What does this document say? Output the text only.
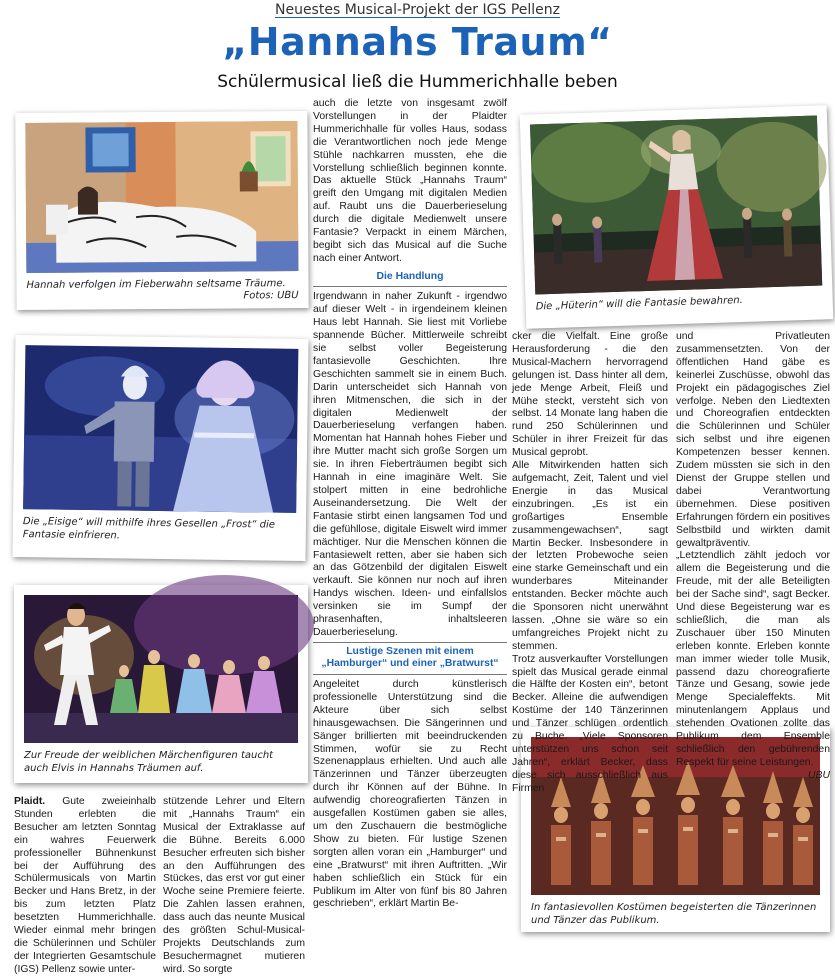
Neuestes Musical-Projekt der IGS Pellenz
„Hannahs Traum“
Schülermusical ließ die Hummerichhalle beben
Hannah verfolgen im Fieberwahn seltsame Träume.
Fotos: UBU
Die „Eisige“ will mithilfe ihres Gesellen „Frost“ die Fantasie einfrieren.
Zur Freude der weiblichen Märchenfiguren taucht auch Elvis in Hannahs Träumen auf.
Die „Hüterin“ will die Fantasie bewahren.
In fantasievollen Kostümen begeisterten die Tänzerinnen und Tänzer das Publikum.

Plaidt. Gute zweieinhalb Stunden erlebten die Besucher am letzten Sonntag ein wahres Feuerwerk professioneller Bühnenkunst bei der Aufführung des Schülermusicals von Martin Becker und Hans Bretz, in der bis zum letzten Platz besetzten Hummerichhalle. Wieder einmal mehr bringen die Schülerinnen und Schüler der Integrierten Gesamtschule (IGS) Pellenz sowie unter-

stützende Lehrer und Eltern mit „Hannahs Traum“ ein Musical der Extraklasse auf die Bühne. Bereits 6.000 Besucher erfreuten sich bisher an den Aufführungen des Stückes, das erst vor gut einer Woche seine Premiere feierte. Die Zahlen lassen erahnen, dass auch das neunte Musical des größten Schul-Musical-Projekts Deutschlands zum Besuchermagnet mutieren wird. So sorgte

auch die letzte von insgesamt zwölf Vorstellungen in der Plaidter Hummerichhalle für volles Haus, sodass die Verantwortlichen noch jede Menge Stühle nachkarren mussten, ehe die Vorstellung schließlich beginnen konnte. Das aktuelle Stück „Hannahs Traum“ greift den Umgang mit digitalen Medien auf. Raubt uns die Dauerberieselung durch die digitale Medienwelt unsere Fantasie? Verpackt in einem Märchen, begibt sich das Musical auf die Suche nach einer Antwort.

Die Handlung

Irgendwann in naher Zukunft - irgendwo auf dieser Welt - in irgendeinem kleinen Haus lebt Hannah. Sie liest mit Vorliebe spannende Bücher. Mittlerweile schreibt sie selbst voller Begeisterung fantasievolle Geschichten. Ihre Geschichten sammelt sie in einem Buch. Darin unterscheidet sich Hannah von ihren Mitmenschen, die sich in der digitalen Medienwelt der Dauerberieselung verfangen haben. Momentan hat Hannah hohes Fieber und ihre Mutter macht sich große Sorgen um sie. In ihren Fieberträumen begibt sich Hannah in eine imaginäre Welt. Sie stolpert mitten in eine bedrohliche Auseinandersetzung. Die Welt der Fantasie stirbt einen langsamen Tod und die gefühllose, digitale Eiswelt wird immer mächtiger. Nur die Menschen können die Fantasiewelt retten, aber sie haben sich an das Götzenbild der digitalen Eiswelt verkauft. Sie können nur noch auf ihren Handys wischen. Ideen- und einfallslos versinken sie im Sumpf der phrasenhaften, inhaltsleeren Dauerberieselung.

Lustige Szenen mit einem „Hamburger“ und einer „Bratwurst“

Angeleitet durch künstlerisch professionelle Unterstützung sind die Akteure über sich selbst hinausgewachsen. Die Sängerinnen und Sänger brillierten mit beeindruckenden Stimmen, wofür sie zu Recht Szenenapplaus erhielten. Und auch alle Tänzerinnen und Tänzer überzeugten durch ihr Können auf der Bühne. In aufwendig choreografierten Tänzen in ausgefallen Kostümen gaben sie alles, um den Zuschauern die bestmögliche Show zu bieten. Für lustige Szenen sorgten allen voran ein „Hamburger“ und eine „Bratwurst“ mit ihren Auftritten. „Wir haben schließlich ein Stück für ein Publikum im Alter von fünf bis 80 Jahren geschrieben“, erklärt Martin Be-

cker die Vielfalt. Eine große Herausforderung - die den Musical-Machern hervorragend gelungen ist. Dass hinter all dem, jede Menge Arbeit, Fleiß und Mühe steckt, versteht sich von selbst. 14 Monate lang haben die rund 250 Schülerinnen und Schüler in ihrer Freizeit für das Musical geprobt.

Alle Mitwirkenden hatten sich aufgemacht, Zeit, Talent und viel Energie in das Musical einzubringen. „Es ist ein großartiges Ensemble zusammengewachsen“, sagt Martin Becker. Insbesondere in der letzten Probewoche seien eine starke Gemeinschaft und ein wunderbares Miteinander entstanden. Becker möchte auch die Sponsoren nicht unerwähnt lassen. „Ohne sie wäre so ein umfangreiches Projekt nicht zu stemmen.

Trotz ausverkaufter Vorstellungen spielt das Musical gerade einmal die Hälfte der Kosten ein“, betont Becker. Alleine die aufwendigen Kostüme der 140 Tänzerinnen und Tänzer schlügen ordentlich zu Buche. „Viele Sponsoren unterstützen uns schon seit Jahren“, erklärt Becker, dass diese sich ausschließlich aus Firmen

und Privatleuten zusammensetzten. Von der öffentlichen Hand gäbe es keinerlei Zuschüsse, obwohl das Projekt ein pädagogisches Ziel verfolge. Neben den Liedtexten und Choreografien entdeckten die Schülerinnen und Schüler sich selbst und ihre eigenen Kompetenzen besser kennen. Zudem müssten sie sich in den Dienst der Gruppe stellen und dabei Verantwortung übernehmen. Diese positiven Erfahrungen fördern ein positives Selbstbild und wirkten damit gewaltpräventiv.

„Letztendlich zählt jedoch vor allem die Begeisterung und die Freude, mit der alle Beteiligten bei der Sache sind“, sagt Becker. Und diese Begeisterung war es schließlich, die man als Zuschauer über 150 Minuten erleben konnte. Erleben konnte man immer wieder tolle Musik, passend dazu choreografierte Tänze und Gesang, sowie jede Menge Specialeffekts. Mit minutenlangem Applaus und stehenden Ovationen zollte das Publikum dem Ensemble schließlich den gebührenden Respekt für seine Leistungen.

UBU
